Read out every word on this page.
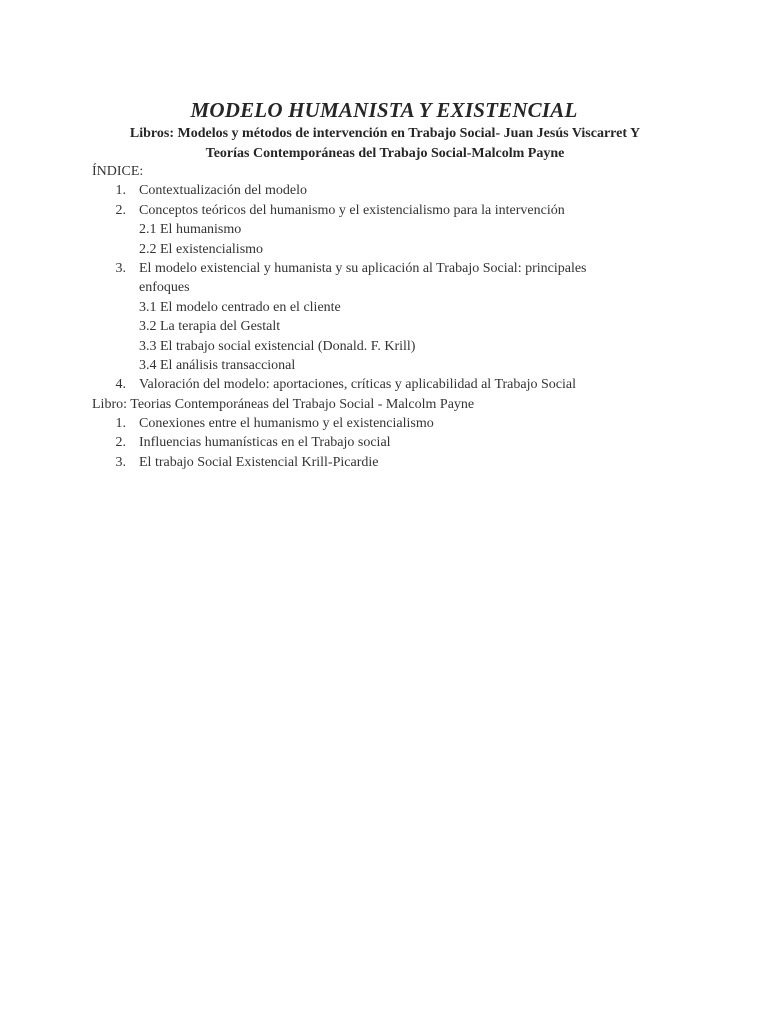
MODELO HUMANISTA Y EXISTENCIAL

Libros: Modelos y métodos de intervención en Trabajo Social- Juan Jesús Viscarret Y
Teorías Contemporáneas del Trabajo Social-Malcolm Payne

ÍNDICE:
1. Contextualización del modelo
2. Conceptos teóricos del humanismo y el existencialismo para la intervención
2.1 El humanismo
2.2 El existencialismo
3. El modelo existencial y humanista y su aplicación al Trabajo Social: principales
enfoques
3.1 El modelo centrado en el cliente
3.2 La terapia del Gestalt
3.3 El trabajo social existencial (Donald. F. Krill)
3.4 El análisis transaccional
4. Valoración del modelo: aportaciones, críticas y aplicabilidad al Trabajo Social
Libro: Teorias Contemporáneas del Trabajo Social - Malcolm Payne
1. Conexiones entre el humanismo y el existencialismo
2. Influencias humanísticas en el Trabajo social
3. El trabajo Social Existencial Krill-Picardie
